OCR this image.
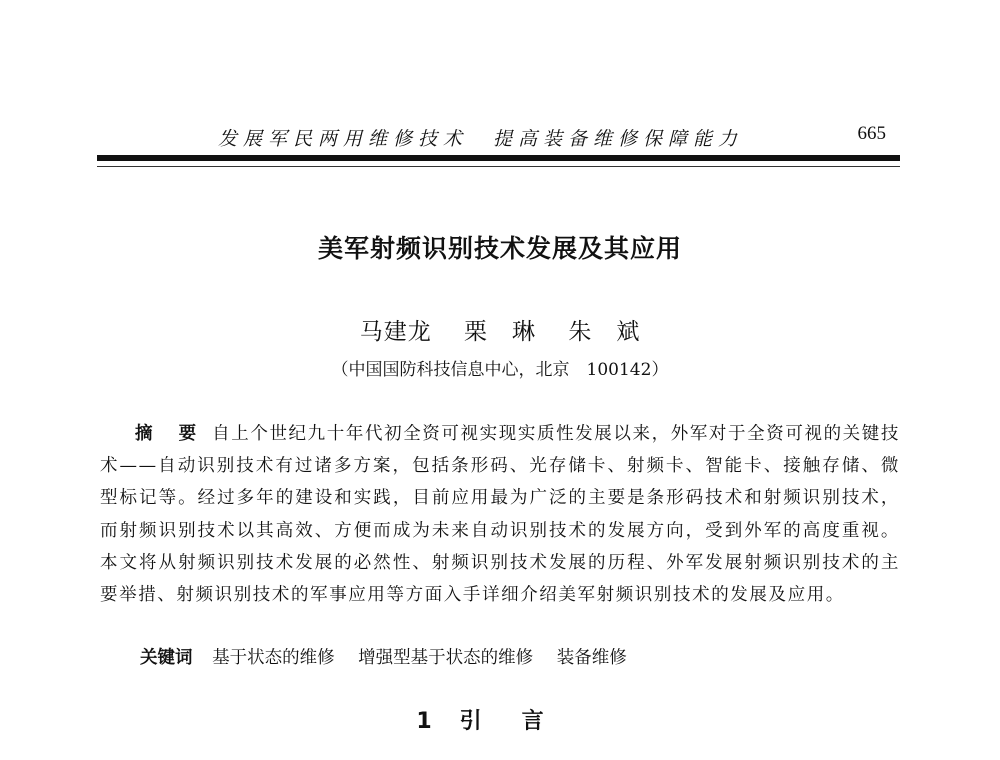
发展军民两用维修技术　提高装备维修保障能力	665
美军射频识别技术发展及其应用
马建龙 栗　琳 朱　斌
（中国国防科技信息中心，北京　100142）
摘 要 自上个世纪九十年代初全资可视实现实质性发展以来，外军对于全资可视的关键技术——自动识别技术有过诸多方案，包括条形码、光存储卡、射频卡、智能卡、接触存储、微型标记等。经过多年的建设和实践，目前应用最为广泛的主要是条形码技术和射频识别技术，而射频识别技术以其高效、方便而成为未来自动识别技术的发展方向，受到外军的高度重视。本文将从射频识别技术发展的必然性、射频识别技术发展的历程、外军发展射频识别技术的主要举措、射频识别技术的军事应用等方面入手详细介绍美军射频识别技术的发展及应用。
关键词 基于状态的维修 增强型基于状态的维修 装备维修
1 引言
